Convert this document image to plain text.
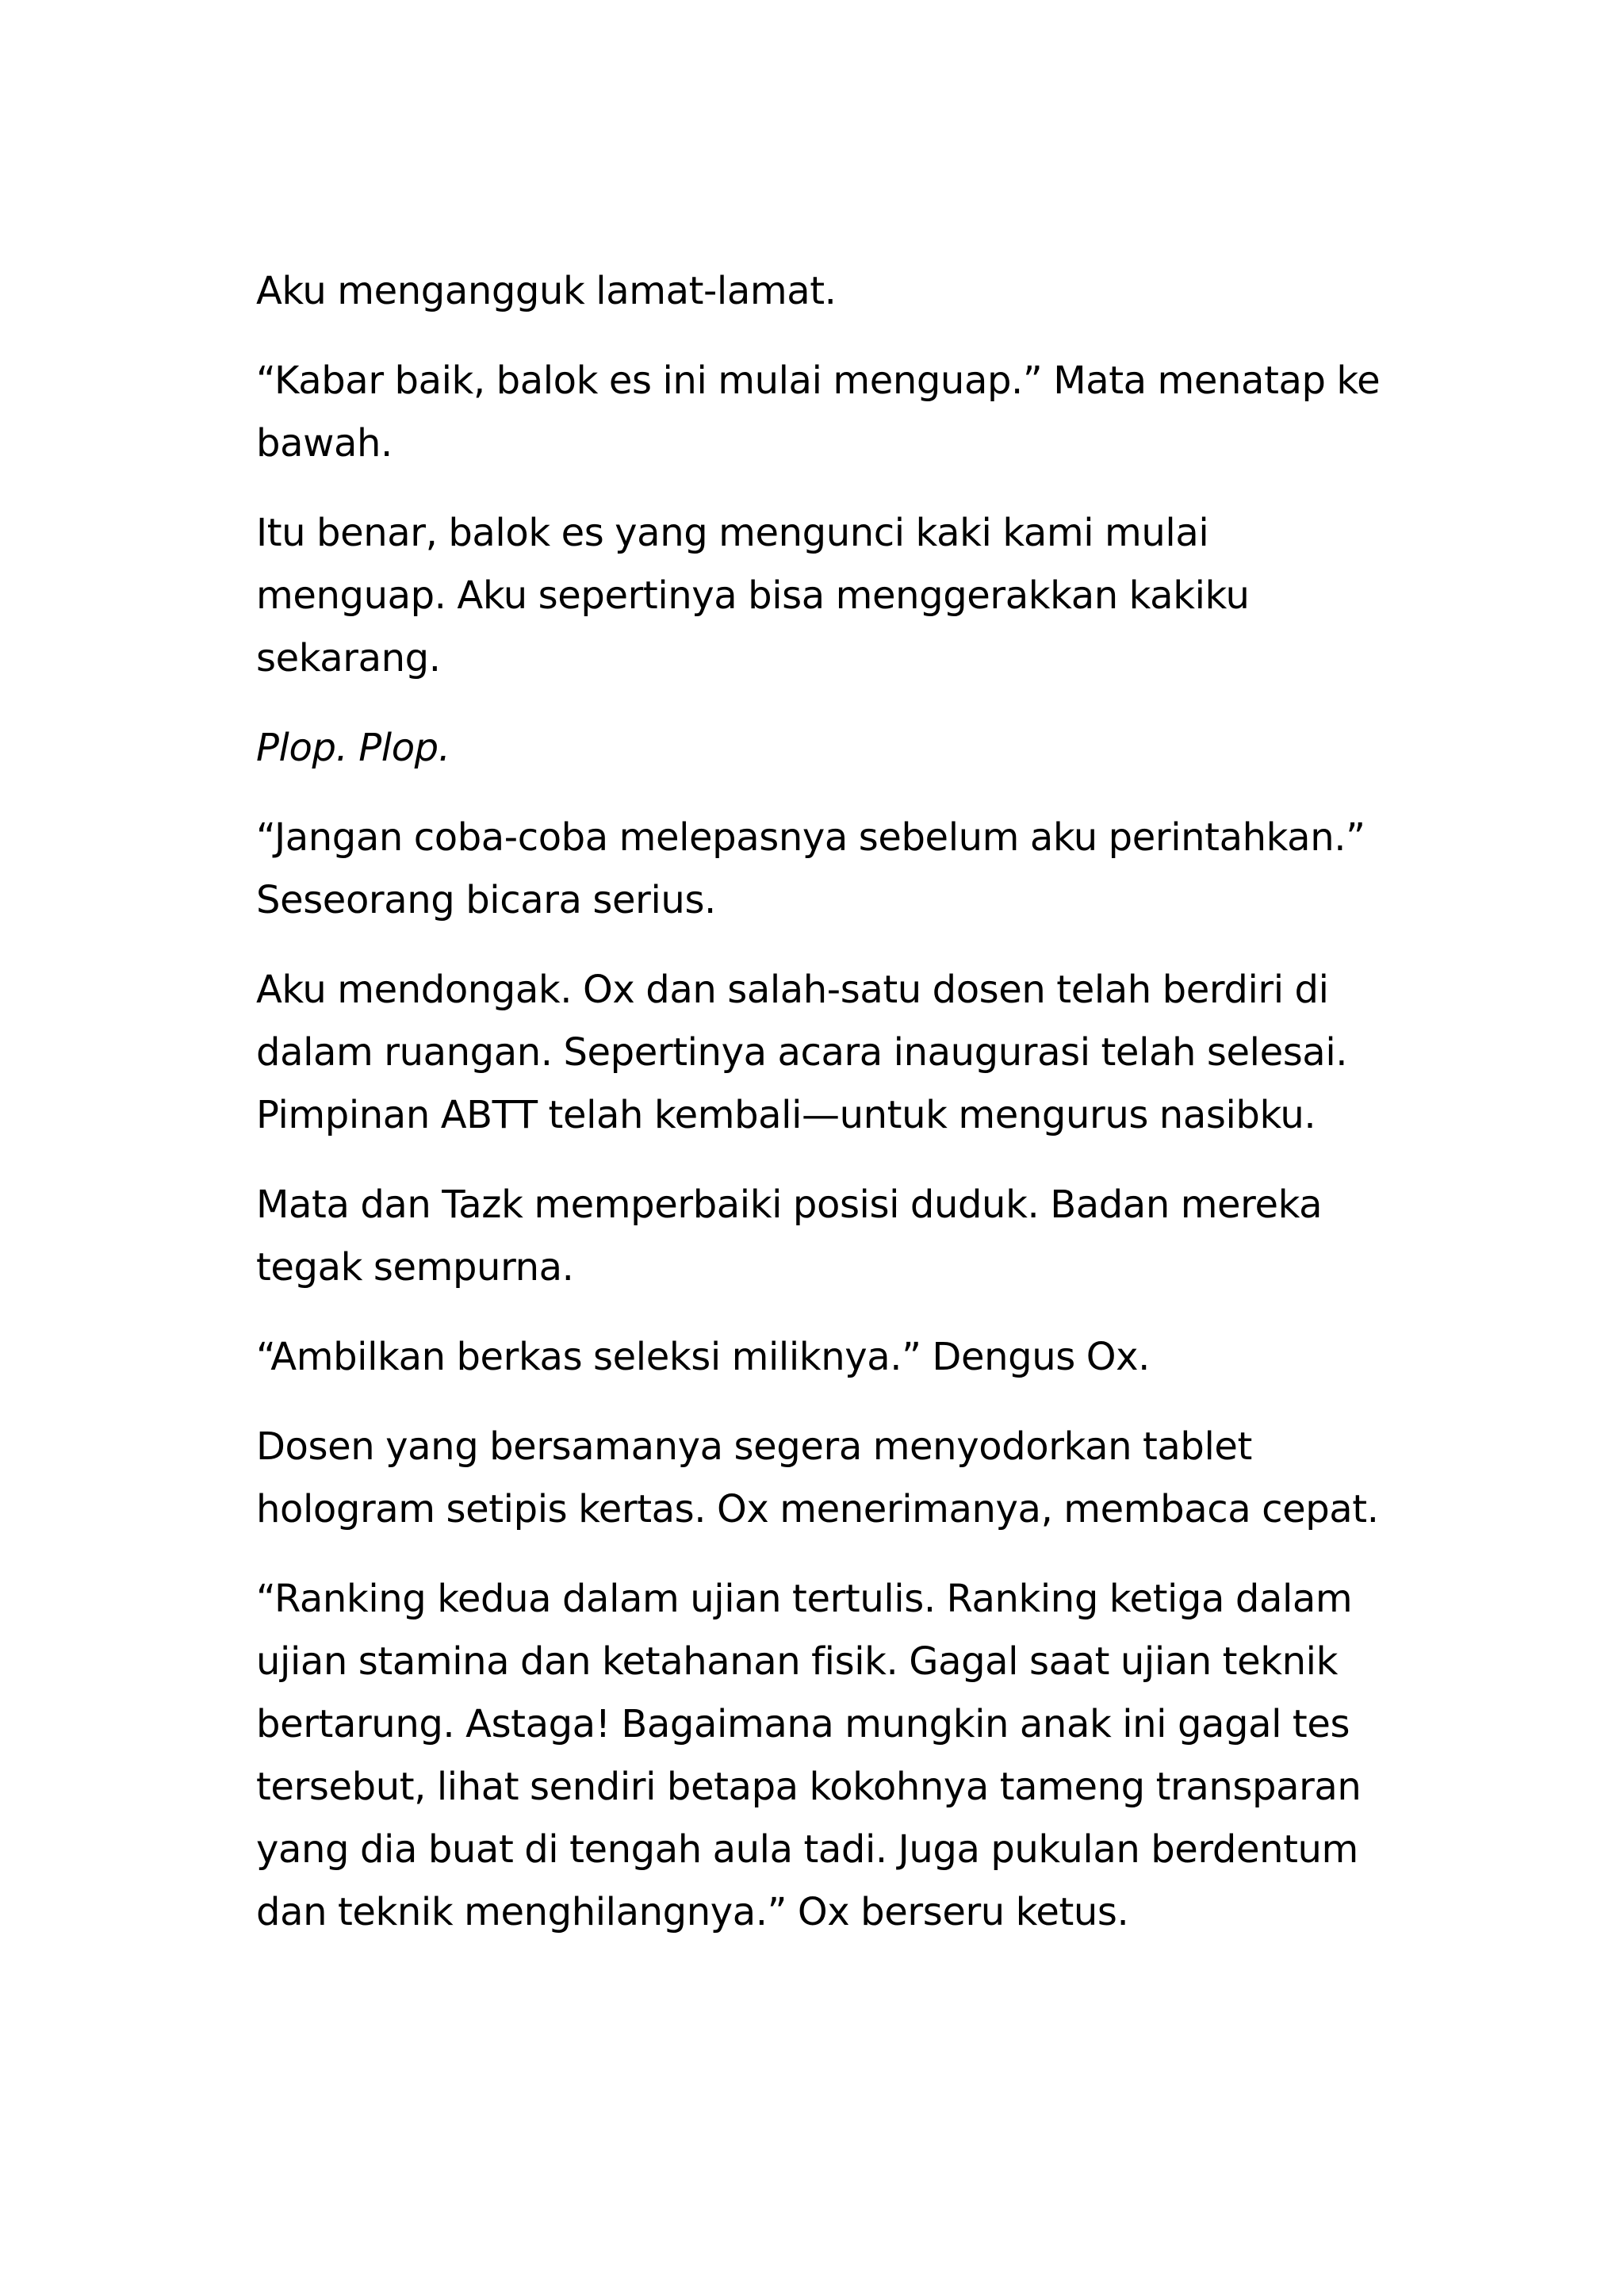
Aku mengangguk lamat-lamat.

“Kabar baik, balok es ini mulai menguap.” Mata menatap ke bawah.

Itu benar, balok es yang mengunci kaki kami mulai menguap. Aku sepertinya bisa menggerakkan kakiku sekarang.

Plop. Plop.

“Jangan coba-coba melepasnya sebelum aku perintahkan.” Seseorang bicara serius.

Aku mendongak. Ox dan salah-satu dosen telah berdiri di dalam ruangan. Sepertinya acara inaugurasi telah selesai. Pimpinan ABTT telah kembali—untuk mengurus nasibku.

Mata dan Tazk memperbaiki posisi duduk. Badan mereka tegak sempurna.

“Ambilkan berkas seleksi miliknya.” Dengus Ox.

Dosen yang bersamanya segera menyodorkan tablet hologram setipis kertas. Ox menerimanya, membaca cepat.

“Ranking kedua dalam ujian tertulis. Ranking ketiga dalam ujian stamina dan ketahanan fisik. Gagal saat ujian teknik bertarung. Astaga! Bagaimana mungkin anak ini gagal tes tersebut, lihat sendiri betapa kokohnya tameng transparan yang dia buat di tengah aula tadi. Juga pukulan berdentum dan teknik menghilangnya.” Ox berseru ketus.
